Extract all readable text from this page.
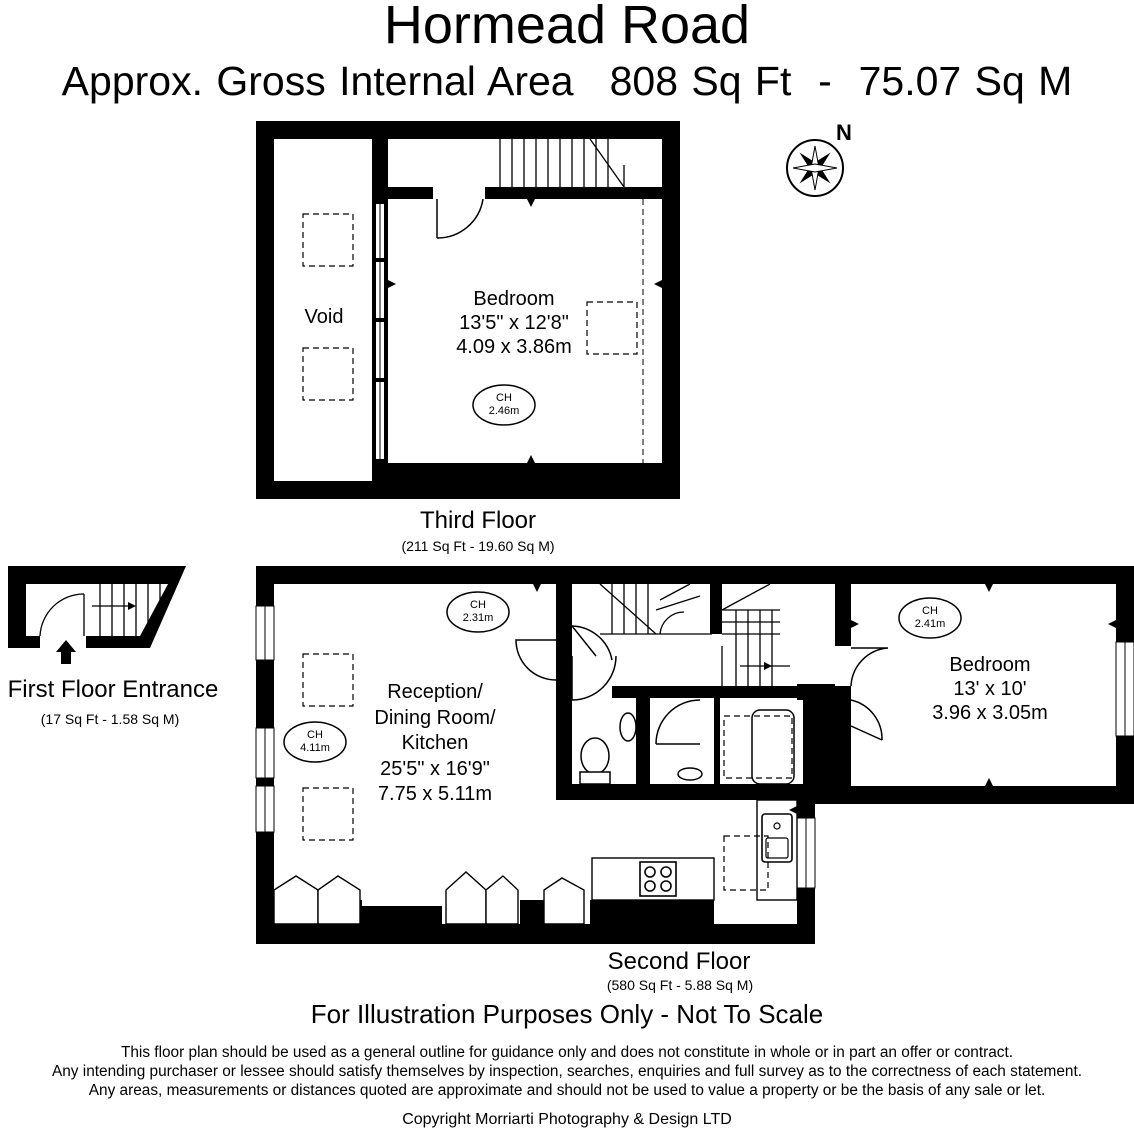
Hormead Road
Approx. Gross Internal Area 808 Sq Ft - 75.07 Sq M
N
Void
Bedroom
13'5" x 12'8"
4.09 x 3.86m
CH
2.46m
Third Floor
(211 Sq Ft - 19.60 Sq M)
First Floor Entrance
(17 Sq Ft - 1.58 Sq M)
Reception/
Dining Room/
Kitchen
25'5" x 16'9"
7.75 x 5.11m
CH
2.31m
CH
4.11m
CH
2.41m
Bedroom
13' x 10'
3.96 x 3.05m
Second Floor
(580 Sq Ft - 5.88 Sq M)
For Illustration Purposes Only - Not To Scale
This floor plan should be used as a general outline for guidance only and does not constitute in whole or in part an offer or contract.
Any intending purchaser or lessee should satisfy themselves by inspection, searches, enquiries and full survey as to the correctness of each statement.
Any areas, measurements or distances quoted are approximate and should not be used to value a property or be the basis of any sale or let.
Copyright Morriarti Photography & Design LTD
